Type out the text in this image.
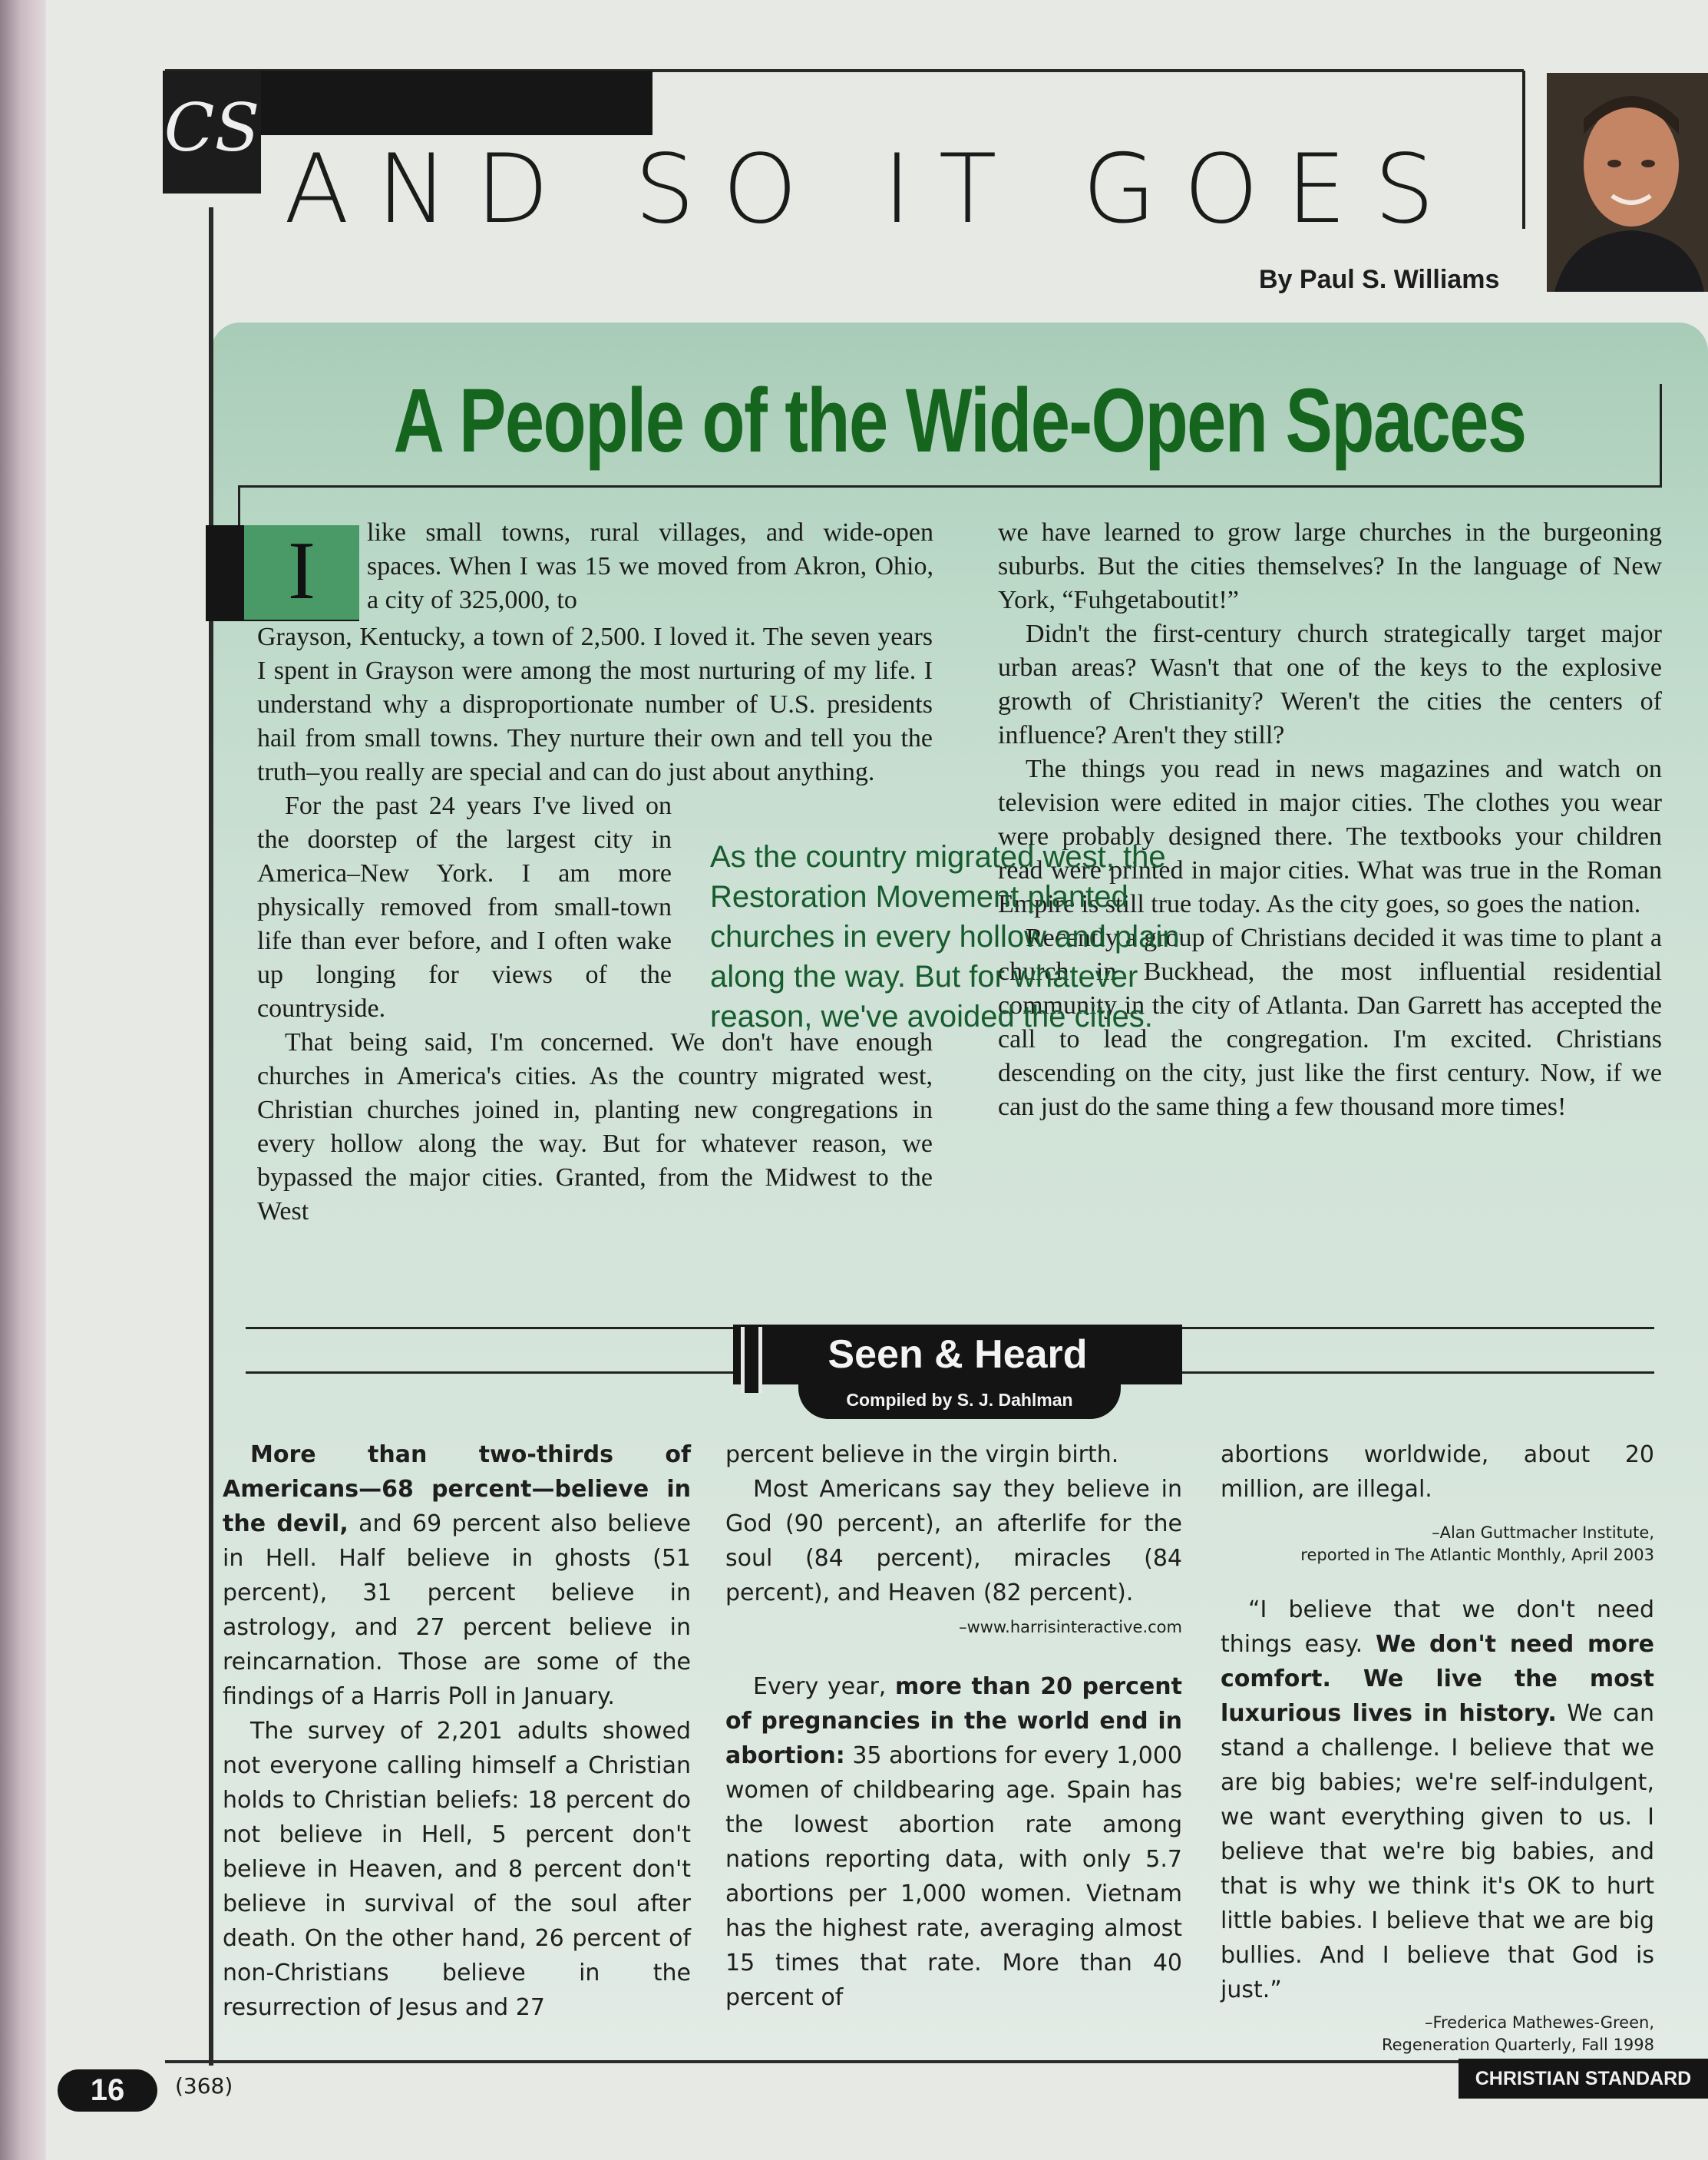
CS
AND SO IT GOES
By Paul S. Williams
A People of the Wide-Open Spaces
I	like small towns, rural villages, and wide-open spaces. When I was 15 we moved from Akron, Ohio, a city of 325,000, to

Grayson, Kentucky, a town of 2,500. I loved it. The seven years I spent in Grayson were among the most nurturing of my life. I understand why a disproportionate number of U.S. presidents hail from small towns. They nurture their own and tell you the truth–you really are special and can do just about anything.

For the past 24 years I've lived on the doorstep of the largest city in America–New York. I am more physically removed from small-town life than ever before, and I often wake up longing for views of the countryside.

That being said, I'm concerned. We don't have enough churches in America's cities. As the country migrated west, Christian churches joined in, planting new congregations in every hollow along the way. But for whatever reason, we bypassed the major cities. Granted, from the Midwest to the West

we have learned to grow large churches in the burgeoning suburbs. But the cities themselves? In the language of New York, “Fuhgetaboutit!”

Didn't the first-century church strategically target major urban areas? Wasn't that one of the keys to the explosive growth of Christianity? Weren't the cities the centers of influence? Aren't they still?

The things you read in news magazines and watch on television were edited in major cities. The clothes you wear were probably designed there. The textbooks your children read were printed in major cities. What was true in the Roman Empire is still true today. As the city goes, so goes the nation.

Recently a group of Christians decided it was time to plant a church in Buckhead, the most influential residential community in the city of Atlanta. Dan Garrett has accepted the call to lead the congregation. I'm excited. Christians descending on the city, just like the first century. Now, if we can just do the same thing a few thousand more times!

As the country migrated west, the Restoration Movement planted churches in every hollow and plain along the way. But for whatever reason, we've avoided the cities.
Seen & Heard
Compiled by S. J. Dahlman

More than two-thirds of Americans—68 percent—believe in the devil, and 69 percent also believe in Hell. Half believe in ghosts (51 percent), 31 percent believe in astrology, and 27 percent believe in reincarnation. Those are some of the findings of a Harris Poll in January.

The survey of 2,201 adults showed not everyone calling himself a Christian holds to Christian beliefs: 18 percent do not believe in Hell, 5 percent don't believe in Heaven, and 8 percent don't believe in survival of the soul after death. On the other hand, 26 percent of non-Christians believe in the resurrection of Jesus and 27

percent believe in the virgin birth.

Most Americans say they believe in God (90 percent), an afterlife for the soul (84 percent), miracles (84 percent), and Heaven (82 percent).

–www.harrisinteractive.com

Every year, more than 20 percent of pregnancies in the world end in abortion: 35 abortions for every 1,000 women of childbearing age. Spain has the lowest abortion rate among nations reporting data, with only 5.7 abortions per 1,000 women. Vietnam has the highest rate, averaging almost 15 times that rate. More than 40 percent of

abortions worldwide, about 20 million, are illegal.

–Alan Guttmacher Institute,

reported in The Atlantic Monthly, April 2003

“I believe that we don't need things easy. We don't need more comfort. We live the most luxurious lives in history. We can stand a challenge. I believe that we are big babies; we're self-indulgent, we want everything given to us. I believe that we're big babies, and that is why we think it's OK to hurt little babies. I believe that we are big bullies. And I believe that God is just.”

–Frederica Mathewes-Green,

Regeneration Quarterly, Fall 1998

16	(368)	CHRISTIAN STANDARD
